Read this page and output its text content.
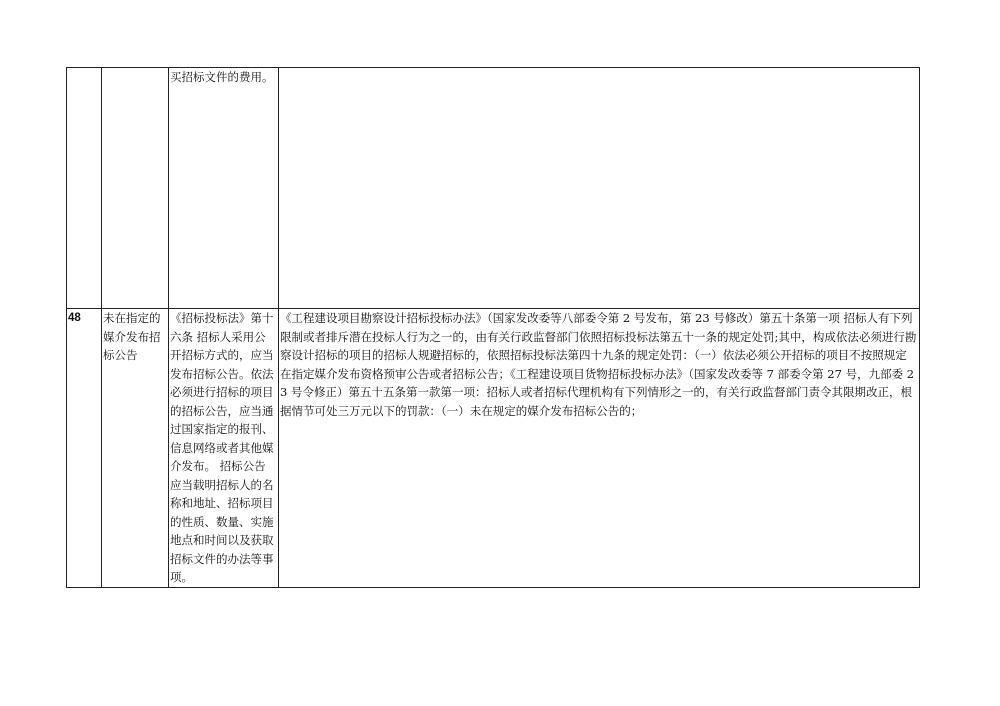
		买招标文件的费用。	
48	未在指定的媒介发布招标公告	《招标投标法》第十六条 招标人采用公开招标方式的，应当发布招标公告。依法必须进行招标的项目的招标公告，应当通过国家指定的报刊、信息网络或者其他媒介发布。 招标公告应当载明招标人的名称和地址、招标项目的性质、数量、实施地点和时间以及获取招标文件的办法等事项。	《工程建设项目勘察设计招标投标办法》（国家发改委等八部委令第 2 号发布，第 23 号修改）第五十条第一项 招标人有下列限制或者排斥潜在投标人行为之一的，由有关行政监督部门依照招标投标法第五十一条的规定处罚;其中，构成依法必须进行勘察设计招标的项目的招标人规避招标的，依照招标投标法第四十九条的规定处罚：（一）依法必须公开招标的项目不按照规定在指定媒介发布资格预审公告或者招标公告；《工程建设项目货物招标投标办法》（国家发改委等 7 部委令第 27 号，九部委 23 号令修正）第五十五条第一款第一项：招标人或者招标代理机构有下列情形之一的，有关行政监督部门责令其限期改正，根据情节可处三万元以下的罚款：（一）未在规定的媒介发布招标公告的；
